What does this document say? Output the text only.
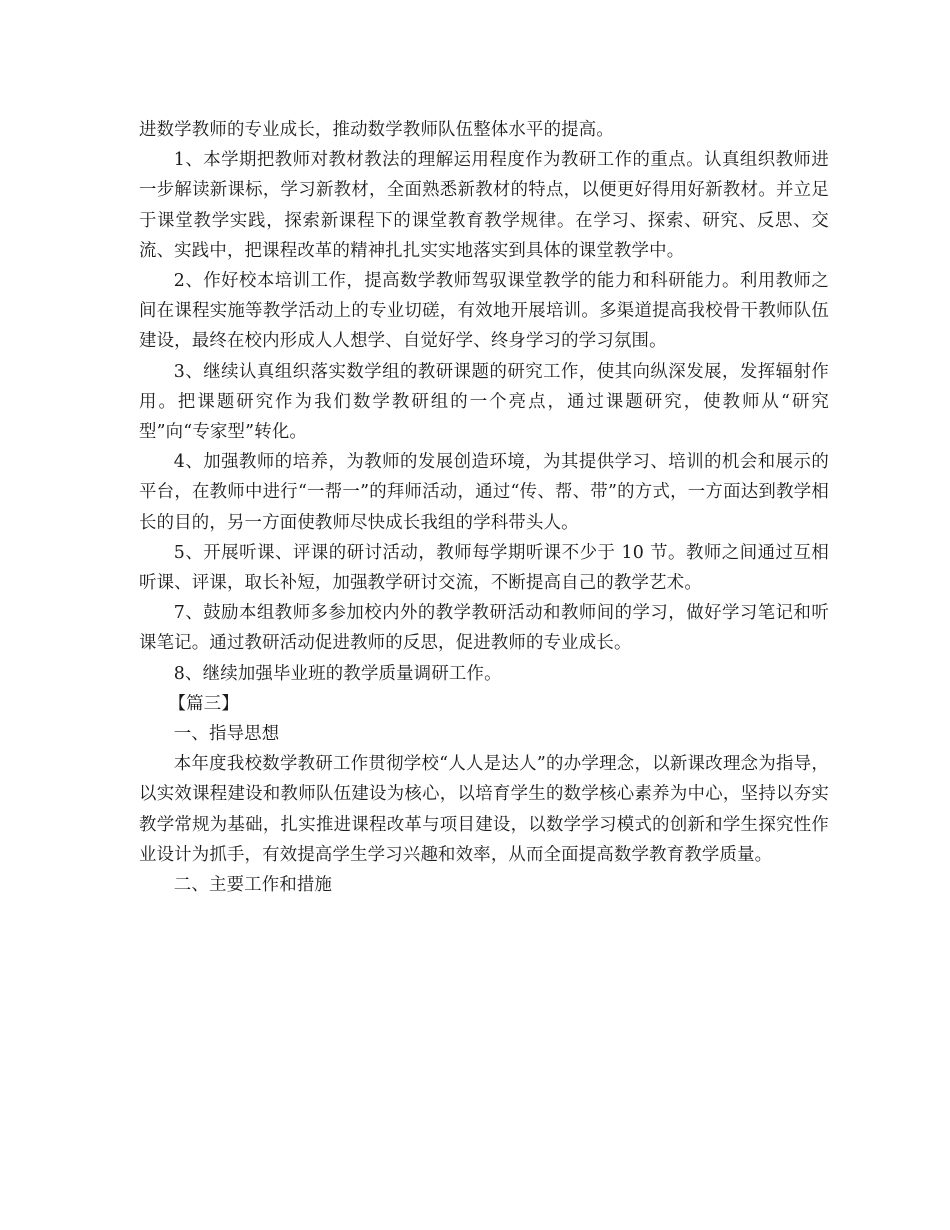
进数学教师的专业成长，推动数学教师队伍整体水平的提高。

1、本学期把教师对教材教法的理解运用程度作为教研工作的重点。认真组织教师进一步解读新课标，学习新教材，全面熟悉新教材的特点，以便更好得用好新教材。并立足于课堂教学实践，探索新课程下的课堂教育教学规律。在学习、探索、研究、反思、交流、实践中，把课程改革的精神扎扎实实地落实到具体的课堂教学中。

2、作好校本培训工作，提高数学教师驾驭课堂教学的能力和科研能力。利用教师之间在课程实施等教学活动上的专业切磋，有效地开展培训。多渠道提高我校骨干教师队伍建设，最终在校内形成人人想学、自觉好学、终身学习的学习氛围。

3、继续认真组织落实数学组的教研课题的研究工作，使其向纵深发展，发挥辐射作用。把课题研究作为我们数学教研组的一个亮点，通过课题研究，使教师从“研究型”向“专家型”转化。

4、加强教师的培养，为教师的发展创造环境，为其提供学习、培训的机会和展示的平台，在教师中进行“一帮一”的拜师活动，通过“传、帮、带”的方式，一方面达到教学相长的目的，另一方面使教师尽快成长我组的学科带头人。

5、开展听课、评课的研讨活动，教师每学期听课不少于 10 节。教师之间通过互相听课、评课，取长补短，加强教学研讨交流，不断提高自己的教学艺术。

7、鼓励本组教师多参加校内外的教学教研活动和教师间的学习，做好学习笔记和听课笔记。通过教研活动促进教师的反思，促进教师的专业成长。

8、继续加强毕业班的教学质量调研工作。

【篇三】

一、指导思想

本年度我校数学教研工作贯彻学校“人人是达人”的办学理念，以新课改理念为指导，以实效课程建设和教师队伍建设为核心，以培育学生的数学核心素养为中心，坚持以夯实教学常规为基础，扎实推进课程改革与项目建设，以数学学习模式的创新和学生探究性作业设计为抓手，有效提高学生学习兴趣和效率，从而全面提高数学教育教学质量。

二、主要工作和措施
